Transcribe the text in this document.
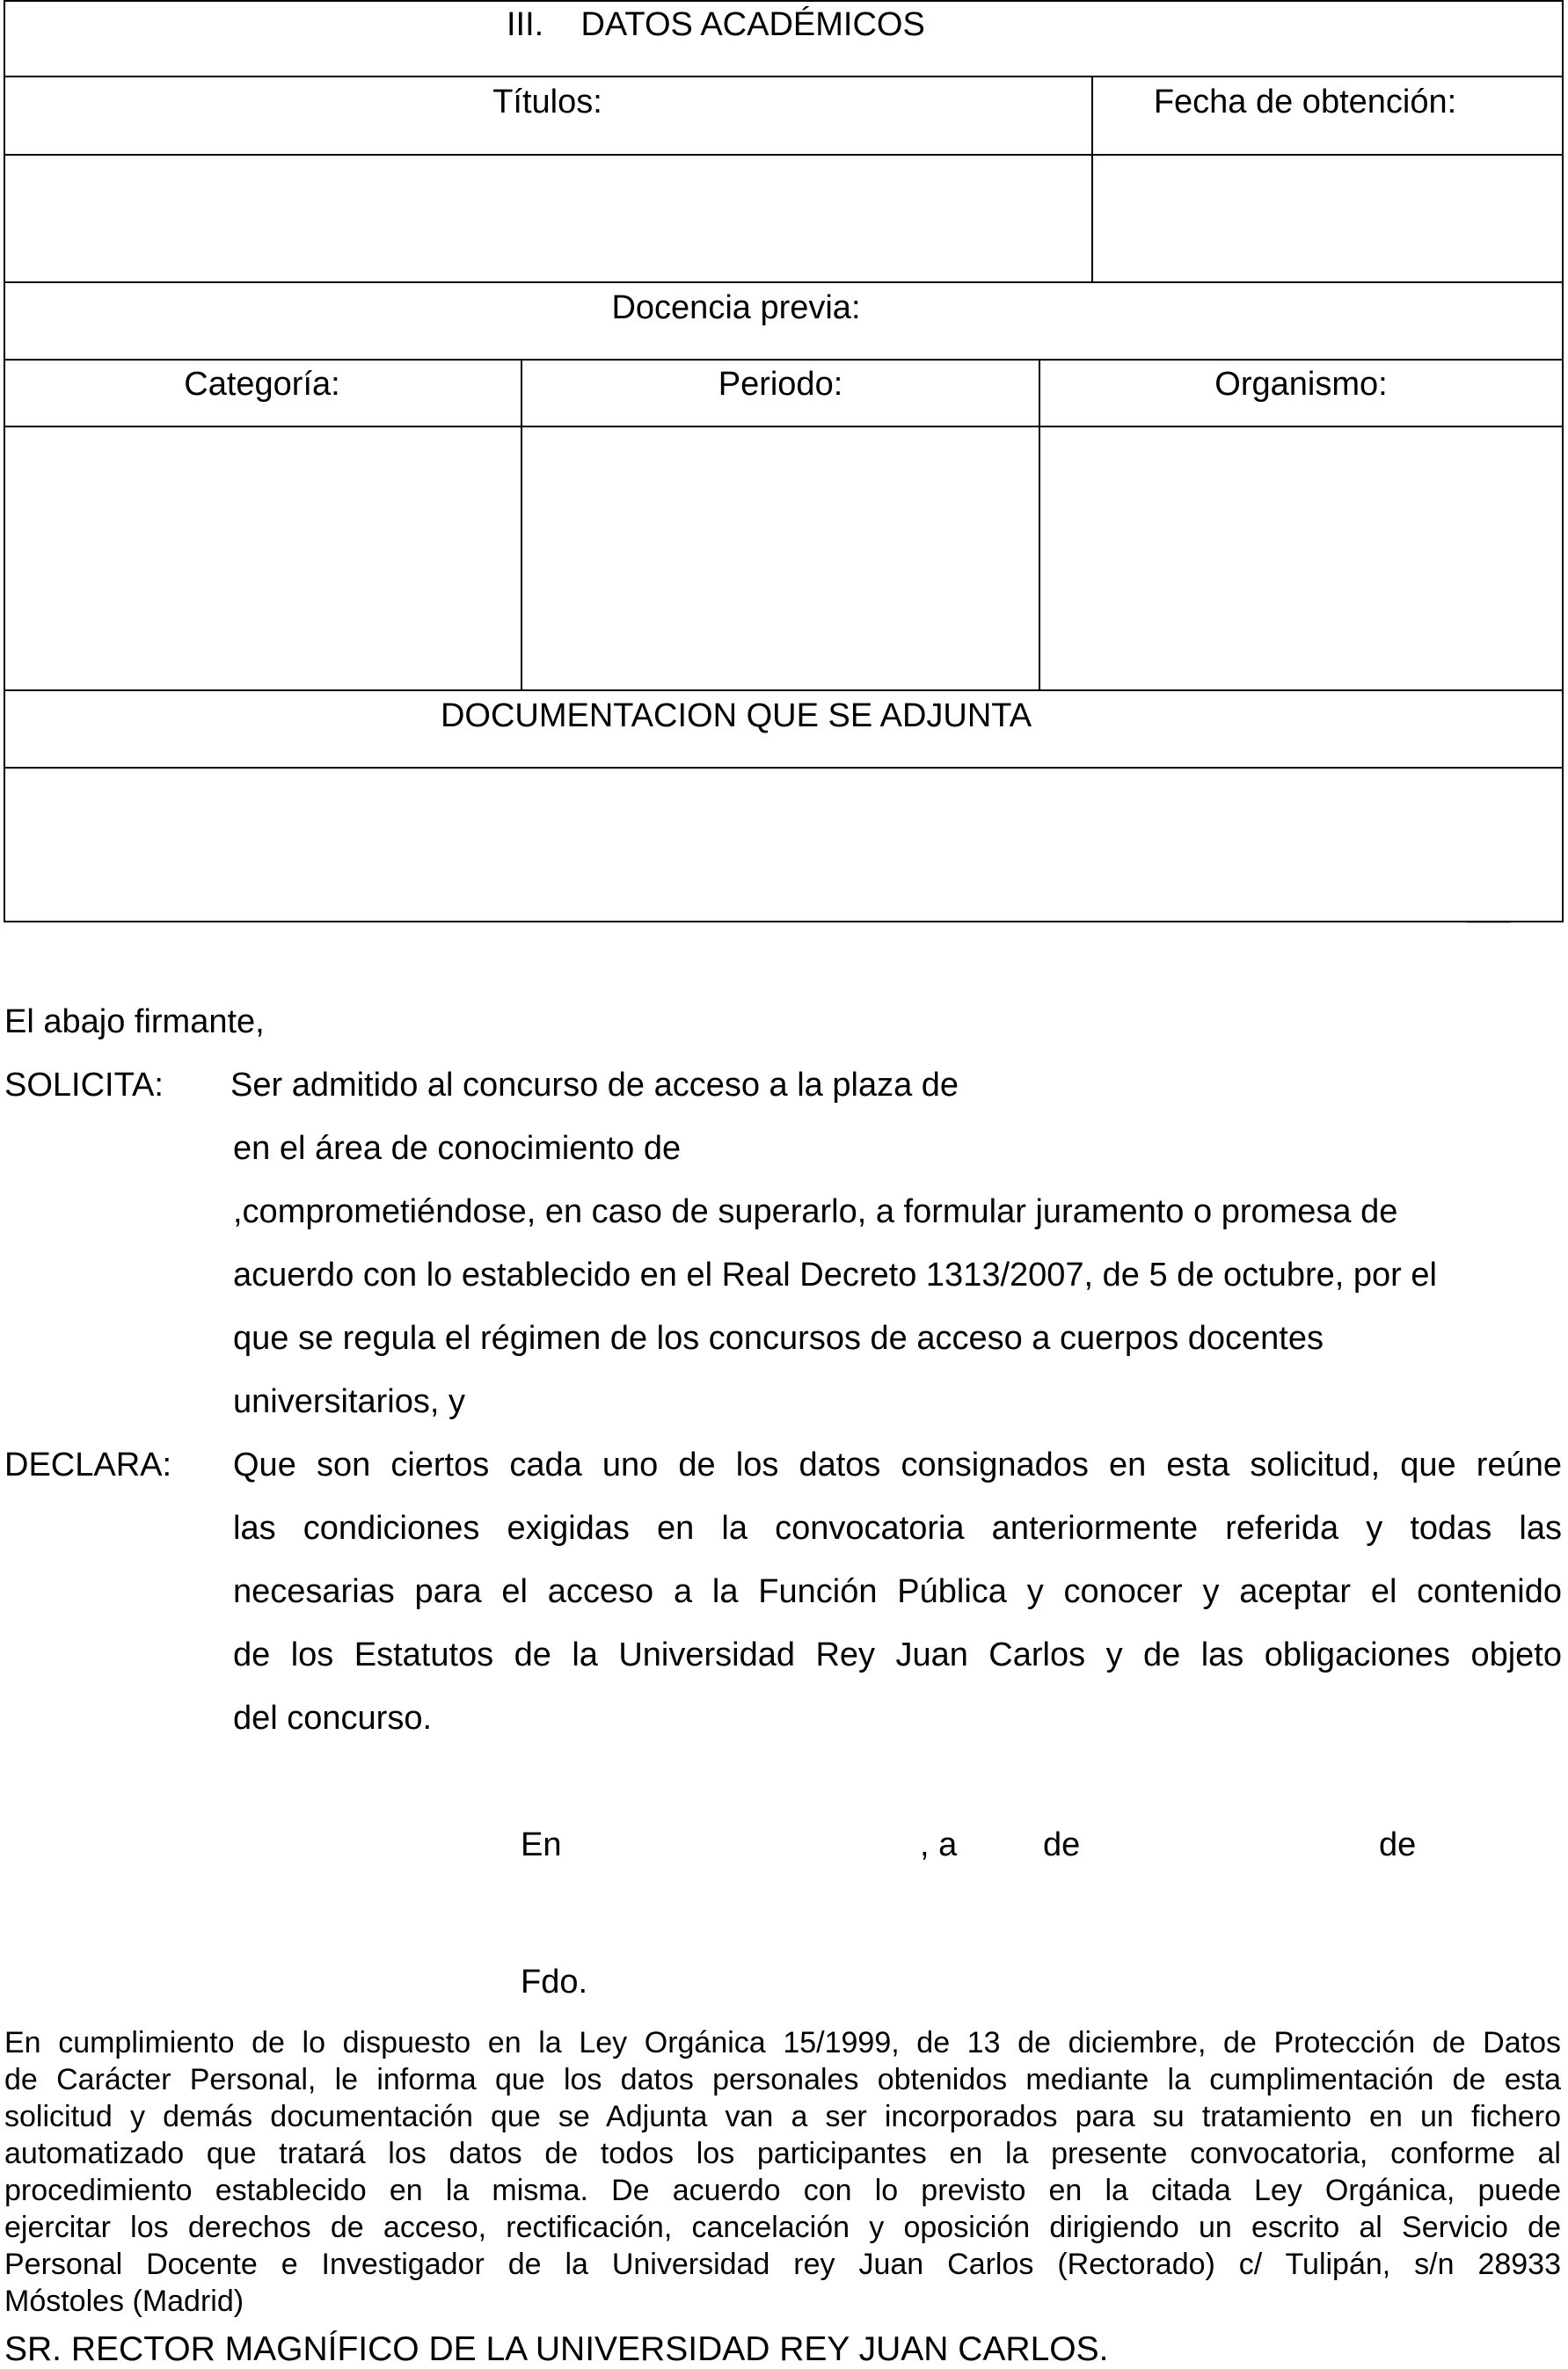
III.    DATOS ACADÉMICOS
Títulos:	Fecha de obtención:
Docencia previa:
Categoría:	Periodo:	Organismo:
DOCUMENTACION QUE SE ADJUNTA
El abajo firmante,
SOLICITA: Ser admitido al concurso de acceso a la plaza de
en el área de conocimiento de
,comprometiéndose, en caso de superarlo, a formular juramento o promesa de
acuerdo con lo establecido en el Real Decreto 1313/2007, de 5 de octubre, por el
que se regula el régimen de los concursos de acceso a cuerpos docentes
universitarios, y
DECLARA: Que son ciertos cada uno de los datos consignados en esta solicitud, que reúne
las condiciones exigidas en la convocatoria anteriormente referida y todas las
necesarias para el acceso a la Función Pública y conocer y aceptar el contenido
de los Estatutos de la Universidad Rey Juan Carlos y de las obligaciones objeto
del concurso.
En	, a	de	de
Fdo.
En cumplimiento de lo dispuesto en la Ley Orgánica 15/1999, de 13 de diciembre, de Protección de Datos
de Carácter Personal, le informa que los datos personales obtenidos mediante la cumplimentación de esta
solicitud y demás documentación que se Adjunta van a ser incorporados para su tratamiento en un fichero
automatizado que tratará los datos de todos los participantes en la presente convocatoria, conforme al
procedimiento establecido en la misma. De acuerdo con lo previsto en la citada Ley Orgánica, puede
ejercitar los derechos de acceso, rectificación, cancelación y oposición dirigiendo un escrito al Servicio de
Personal Docente e Investigador de la Universidad rey Juan Carlos (Rectorado) c/ Tulipán, s/n 28933
Móstoles (Madrid)
SR. RECTOR MAGNÍFICO DE LA UNIVERSIDAD REY JUAN CARLOS.
